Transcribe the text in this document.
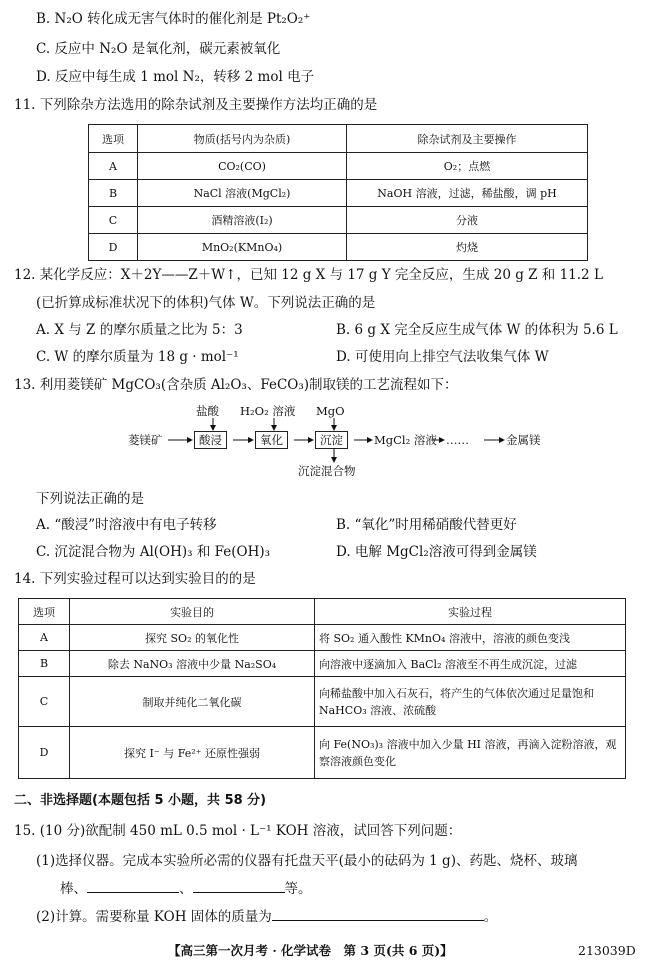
B. N₂O 转化成无害气体时的催化剂是 Pt₂O₂⁺
C. 反应中 N₂O 是氧化剂，碳元素被氧化
D. 反应中每生成 1 mol N₂，转移 2 mol 电子
11. 下列除杂方法选用的除杂试剂及主要操作方法均正确的是
选项	物质(括号内为杂质)	除杂试剂及主要操作
A	CO₂(CO)	O₂；点燃
B	NaCl 溶液(MgCl₂)	NaOH 溶液，过滤，稀盐酸，调 pH
C	酒精溶液(I₂)	分液
D	MnO₂(KMnO₄)	灼烧
12. 某化学反应：X＋2Y——Z＋W↑，已知 12 g X 与 17 g Y 完全反应，生成 20 g Z 和 11.2 L
(已折算成标准状况下的体积)气体 W。下列说法正确的是
A. X 与 Z 的摩尔质量之比为 5：3	B. 6 g X 完全反应生成气体 W 的体积为 5.6 L
C. W 的摩尔质量为 18 g · mol⁻¹	D. 可使用向上排空气法收集气体 W
13. 利用菱镁矿 MgCO₃(含杂质 Al₂O₃、FeCO₃)制取镁的工艺流程如下：
盐酸 H₂O₂ 溶液 MgO
菱镁矿	酸浸	氧化	沉淀	MgCl₂ 溶液 ……	金属镁
沉淀混合物
下列说法正确的是
A. “酸浸”时溶液中有电子转移	B. “氧化”时用稀硝酸代替更好
C. 沉淀混合物为 Al(OH)₃ 和 Fe(OH)₃	D. 电解 MgCl₂溶液可得到金属镁
14. 下列实验过程可以达到实验目的的是
选项	实验目的	实验过程
A	探究 SO₂ 的氧化性	将 SO₂ 通入酸性 KMnO₄ 溶液中，溶液的颜色变浅
B	除去 NaNO₃ 溶液中少量 Na₂SO₄	向溶液中逐滴加入 BaCl₂ 溶液至不再生成沉淀，过滤
C	制取并纯化二氧化碳	向稀盐酸中加入石灰石，将产生的气体依次通过足量饱和 NaHCO₃ 溶液、浓硫酸
D	探究 I⁻ 与 Fe²⁺ 还原性强弱	向 Fe(NO₃)₃ 溶液中加入少量 HI 溶液，再滴入淀粉溶液，观察溶液颜色变化
二、非选择题(本题包括 5 小题，共 58 分)
15. (10 分)欲配制 450 mL 0.5 mol · L⁻¹ KOH 溶液，试回答下列问题：
(1)选择仪器。完成本实验所必需的仪器有托盘天平(最小的砝码为 1 g)、药匙、烧杯、玻璃
棒、	、	等。
(2)计算。需要称量 KOH 固体的质量为	。
【高三第一次月考 · 化学试卷　第 3 页(共 6 页)】	213039D
